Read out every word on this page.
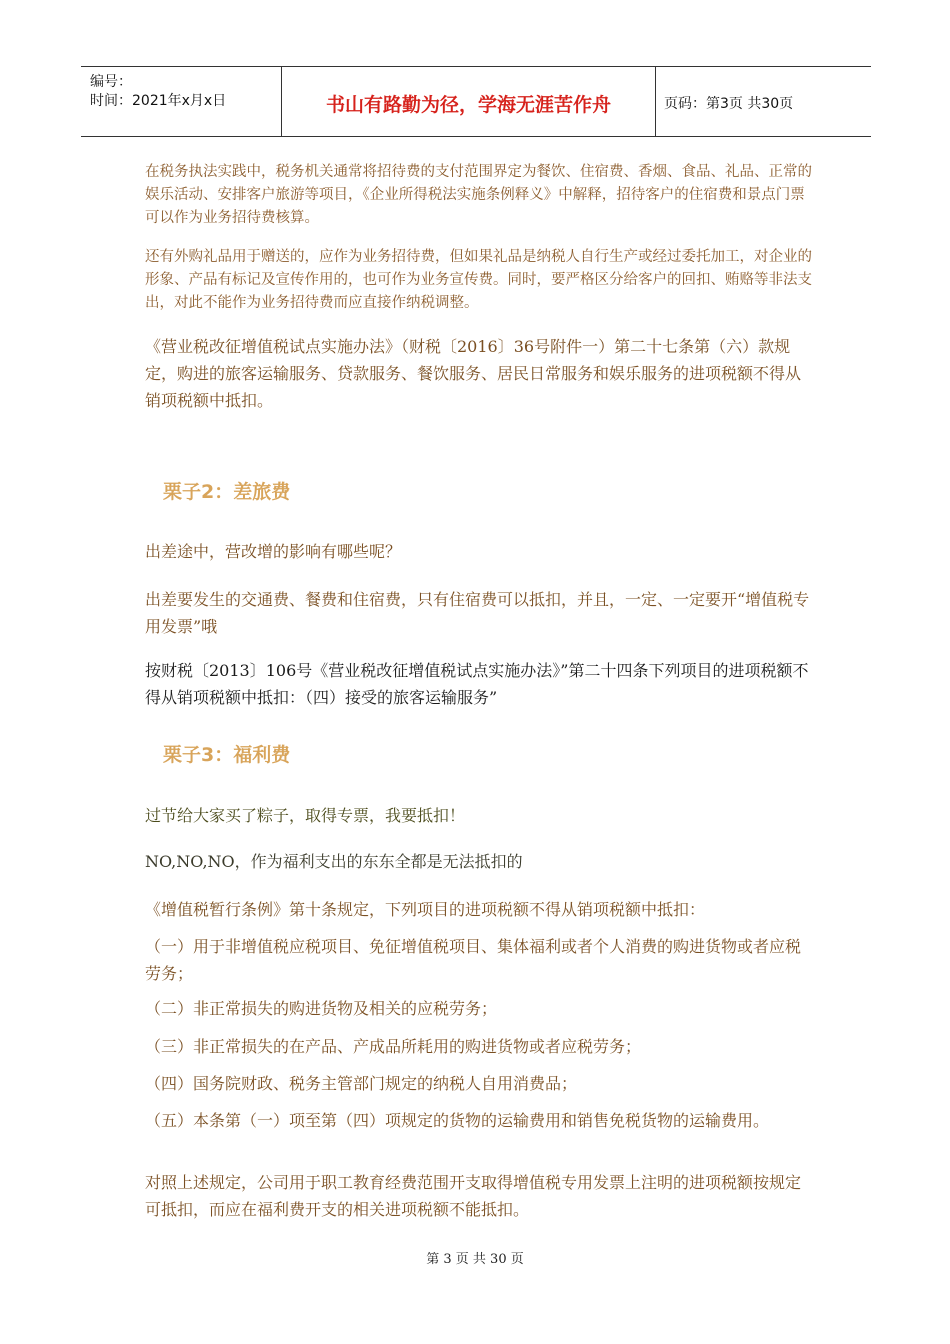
编号：
时间：2021年x月x日	书山有路勤为径，学海无涯苦作舟	页码：第3页 共30页

在税务执法实践中，税务机关通常将招待费的支付范围界定为餐饮、住宿费、香烟、食品、礼品、正常的娱乐活动、安排客户旅游等项目，《企业所得税法实施条例释义》中解释，招待客户的住宿费和景点门票可以作为业务招待费核算。

还有外购礼品用于赠送的，应作为业务招待费，但如果礼品是纳税人自行生产或经过委托加工，对企业的形象、产品有标记及宣传作用的，也可作为业务宣传费。同时，要严格区分给客户的回扣、贿赂等非法支出，对此不能作为业务招待费而应直接作纳税调整。

《营业税改征增值税试点实施办法》（财税〔2016〕36号附件一）第二十七条第（六）款规定，购进的旅客运输服务、贷款服务、餐饮服务、居民日常服务和娱乐服务的进项税额不得从销项税额中抵扣。

栗子2：差旅费

出差途中，营改增的影响有哪些呢？

出差要发生的交通费、餐费和住宿费，只有住宿费可以抵扣，并且，一定、一定要开“增值税专用发票”哦

按财税〔2013〕106号《营业税改征增值税试点实施办法》”第二十四条下列项目的进项税额不得从销项税额中抵扣：（四）接受的旅客运输服务”

栗子3：福利费

过节给大家买了粽子，取得专票，我要抵扣！

NO,NO,NO，作为福利支出的东东全都是无法抵扣的

《增值税暂行条例》第十条规定，下列项目的进项税额不得从销项税额中抵扣：

（一）用于非增值税应税项目、免征增值税项目、集体福利或者个人消费的购进货物或者应税劳务；

（二）非正常损失的购进货物及相关的应税劳务；

（三）非正常损失的在产品、产成品所耗用的购进货物或者应税劳务；

（四）国务院财政、税务主管部门规定的纳税人自用消费品；

（五）本条第（一）项至第（四）项规定的货物的运输费用和销售免税货物的运输费用。

对照上述规定，公司用于职工教育经费范围开支取得增值税专用发票上注明的进项税额按规定可抵扣，而应在福利费开支的相关进项税额不能抵扣。

第 3 页 共 30 页
